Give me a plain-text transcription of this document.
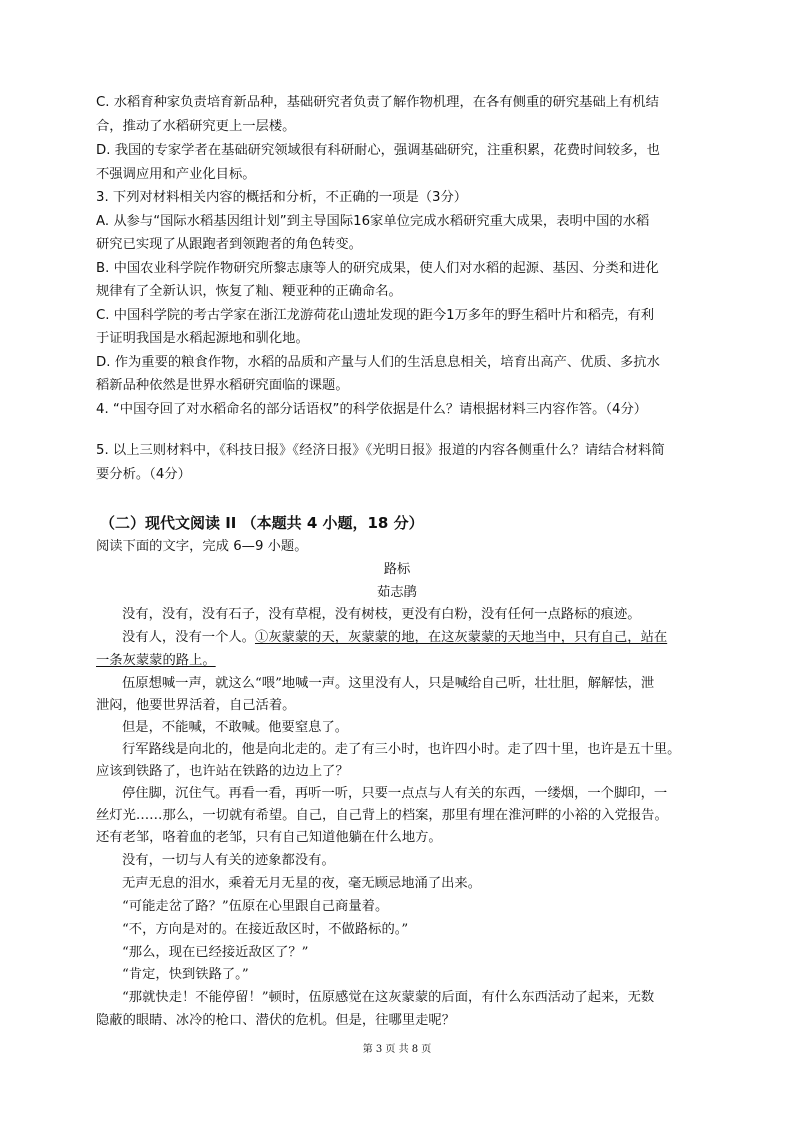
C. 水稻育种家负责培育新品种，基础研究者负责了解作物机理，在各有侧重的研究基础上有机结
合，推动了水稻研究更上一层楼。
D. 我国的专家学者在基础研究领域很有科研耐心，强调基础研究，注重积累，花费时间较多，也
不强调应用和产业化目标。
3. 下列对材料相关内容的概括和分析，不正确的一项是（3分）
A. 从参与“国际水稻基因组计划”到主导国际16家单位完成水稻研究重大成果，表明中国的水稻
研究已实现了从跟跑者到领跑者的角色转变。
B. 中国农业科学院作物研究所黎志康等人的研究成果，使人们对水稻的起源、基因、分类和进化
规律有了全新认识，恢复了籼、粳亚种的正确命名。
C. 中国科学院的考古学家在浙江龙游荷花山遗址发现的距今1万多年的野生稻叶片和稻壳，有利
于证明我国是水稻起源地和驯化地。
D. 作为重要的粮食作物，水稻的品质和产量与人们的生活息息相关，培育出高产、优质、多抗水
稻新品种依然是世界水稻研究面临的课题。
4. “中国夺回了对水稻命名的部分话语权”的科学依据是什么？请根据材料三内容作答。（4分）
5. 以上三则材料中，《科技日报》《经济日报》《光明日报》报道的内容各侧重什么？请结合材料简
要分析。（4分）
（二）现代文阅读 II （本题共 4 小题，18 分）
阅读下面的文字，完成 6—9 小题。
路标
茹志鹃
没有，没有，没有石子，没有草棍，没有树枝，更没有白粉，没有任何一点路标的痕迹。
没有人，没有一个人。①灰蒙蒙的天，灰蒙蒙的地，在这灰蒙蒙的天地当中，只有自己，站在
一条灰蒙蒙的路上。
伍原想喊一声，就这么“喂”地喊一声。这里没有人，只是喊给自己听，壮壮胆，解解怯，泄
泄闷，他要世界活着，自己活着。
但是，不能喊，不敢喊。他要窒息了。
行军路线是向北的，他是向北走的。走了有三小时，也许四小时。走了四十里，也许是五十里。
应该到铁路了，也许站在铁路的边边上了？
停住脚，沉住气。再看一看，再听一听，只要一点点与人有关的东西，一缕烟，一个脚印，一
丝灯光……那么，一切就有希望。自己，自己背上的档案，那里有埋在淮河畔的小裕的入党报告。
还有老邹，咯着血的老邹，只有自己知道他躺在什么地方。
没有，一切与人有关的迹象都没有。
无声无息的泪水，乘着无月无星的夜，毫无顾忌地涌了出来。
“可能走岔了路？”伍原在心里跟自己商量着。
“不，方向是对的。在接近敌区时，不做路标的。”
“那么，现在已经接近敌区了？”
“肯定，快到铁路了。”
“那就快走！不能停留！”顿时，伍原感觉在这灰蒙蒙的后面，有什么东西活动了起来，无数
隐蔽的眼睛、冰冷的枪口、潜伏的危机。但是，往哪里走呢？
第 3 页 共 8 页
